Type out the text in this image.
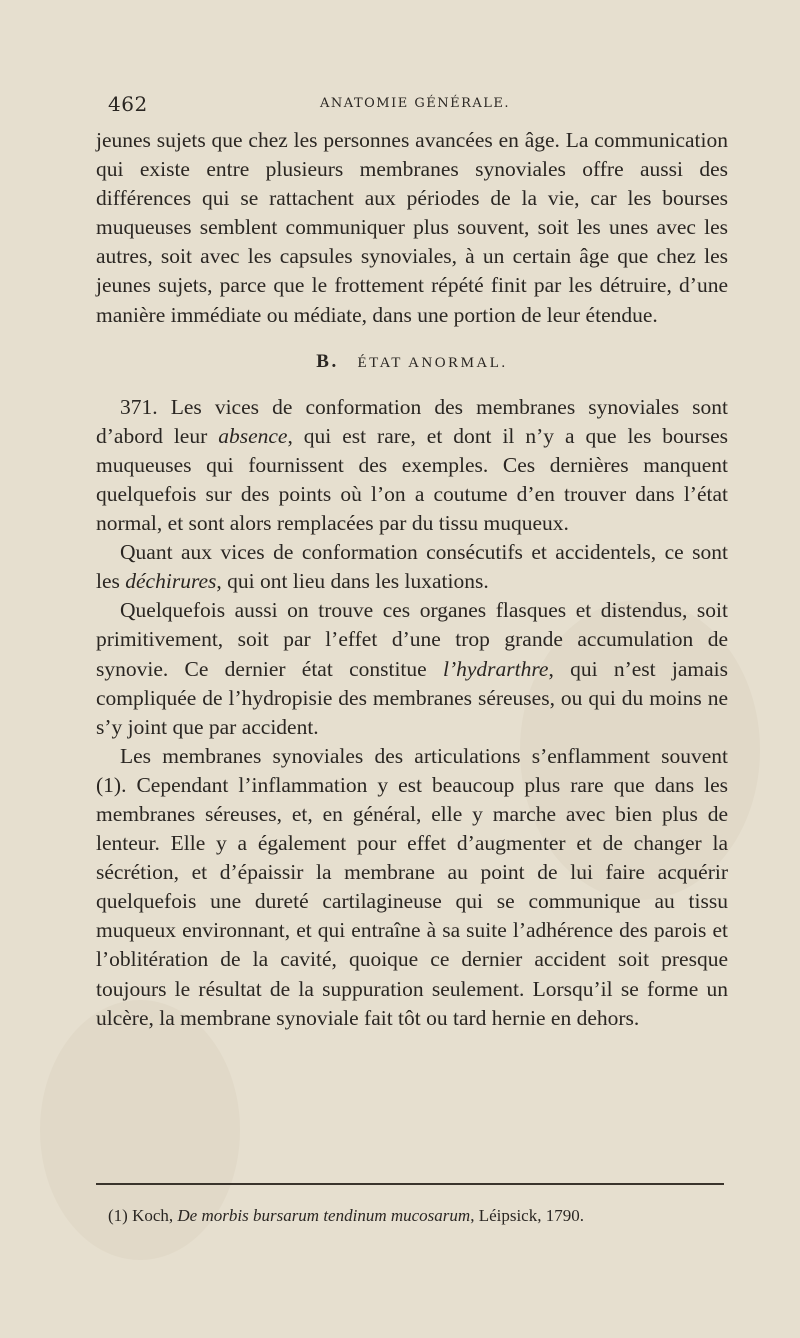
462	ANATOMIE GÉNÉRALE.

jeunes sujets que chez les personnes avancées en âge. La communication qui existe entre plusieurs membranes synoviales offre aussi des différences qui se rattachent aux périodes de la vie, car les bourses muqueuses semblent communiquer plus souvent, soit les unes avec les autres, soit avec les capsules synoviales, à un certain âge que chez les jeunes sujets, parce que le frottement répété finit par les détruire, d’une manière immédiate ou médiate, dans une portion de leur étendue.

B. ÉTAT ANORMAL.

371. Les vices de conformation des membranes synoviales sont d’abord leur absence, qui est rare, et dont il n’y a que les bourses muqueuses qui fournissent des exemples. Ces dernières manquent quelquefois sur des points où l’on a coutume d’en trouver dans l’état normal, et sont alors remplacées par du tissu muqueux.

Quant aux vices de conformation consécutifs et accidentels, ce sont les déchirures, qui ont lieu dans les luxations.

Quelquefois aussi on trouve ces organes flasques et distendus, soit primitivement, soit par l’effet d’une trop grande accumulation de synovie. Ce dernier état constitue l’hydrarthre, qui n’est jamais compliquée de l’hydropisie des membranes séreuses, ou qui du moins ne s’y joint que par accident.

Les membranes synoviales des articulations s’enflamment souvent (1). Cependant l’inflammation y est beaucoup plus rare que dans les membranes séreuses, et, en général, elle y marche avec bien plus de lenteur. Elle y a également pour effet d’augmenter et de changer la sécrétion, et d’épaissir la membrane au point de lui faire acquérir quelquefois une dureté cartilagineuse qui se communique au tissu muqueux environnant, et qui entraîne à sa suite l’adhérence des parois et l’oblitération de la cavité, quoique ce dernier accident soit presque toujours le résultat de la suppuration seulement. Lorsqu’il se forme un ulcère, la membrane synoviale fait tôt ou tard hernie en dehors.

(1) Koch, De morbis bursarum tendinum mucosarum, Léipsick, 1790.
